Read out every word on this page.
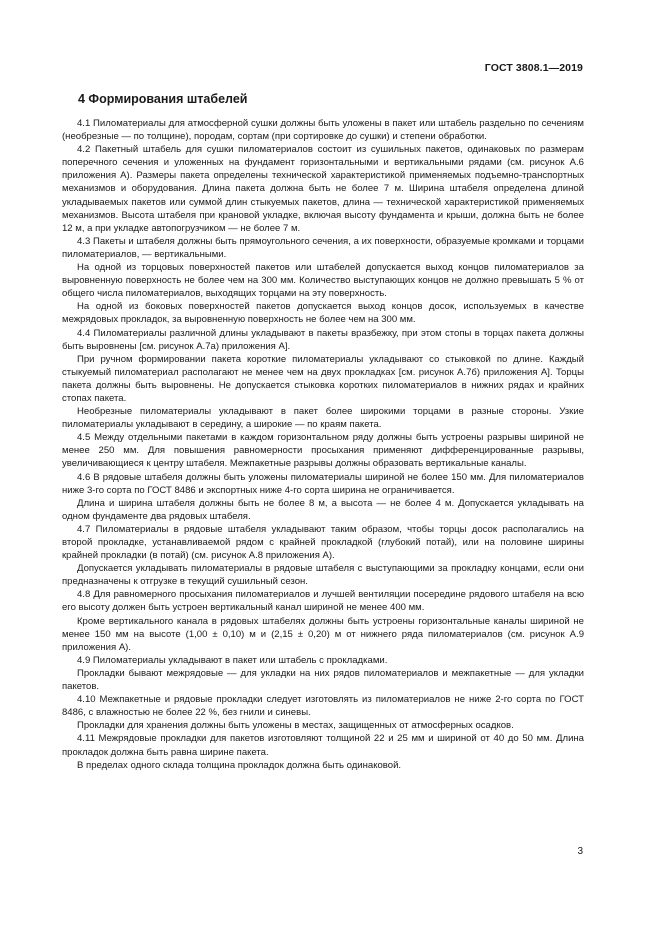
ГОСТ 3808.1—2019
4 Формирования штабелей

4.1 Пиломатериалы для атмосферной сушки должны быть уложены в пакет или штабель раздельно по сечениям (необрезные — по толщине), породам, сортам (при сортировке до сушки) и степени обработки.

4.2 Пакетный штабель для сушки пиломатериалов состоит из сушильных пакетов, одинаковых по размерам поперечного сечения и уложенных на фундамент горизонтальными и вертикальными рядами (см. рисунок А.6 приложения А). Размеры пакета определены технической характеристикой применяемых подъемно-транспортных механизмов и оборудования. Длина пакета должна быть не более 7 м. Ширина штабеля определена длиной укладываемых пакетов или суммой длин стыкуемых пакетов, длина — технической характеристикой применяемых механизмов. Высота штабеля при крановой укладке, включая высоту фундамента и крыши, должна быть не более 12 м, а при укладке автопогрузчиком — не более 7 м.

4.3 Пакеты и штабеля должны быть прямоугольного сечения, а их поверхности, образуемые кромками и торцами пиломатериалов, — вертикальными.

На одной из торцовых поверхностей пакетов или штабелей допускается выход концов пиломатериалов за выровненную поверхность не более чем на 300 мм. Количество выступающих концов не должно превышать 5 % от общего числа пиломатериалов, выходящих торцами на эту поверхность.

На одной из боковых поверхностей пакетов допускается выход концов досок, используемых в качестве межрядовых прокладок, за выровненную поверхность не более чем на 300 мм.

4.4 Пиломатериалы различной длины укладывают в пакеты вразбежку, при этом стопы в торцах пакета должны быть выровнены [см. рисунок А.7а) приложения А].

При ручном формировании пакета короткие пиломатериалы укладывают со стыковкой по длине. Каждый стыкуемый пиломатериал располагают не менее чем на двух прокладках [см. рисунок А.7б) приложения А]. Торцы пакета должны быть выровнены. Не допускается стыковка коротких пиломатериалов в нижних рядах и крайних стопах пакета.

Необрезные пиломатериалы укладывают в пакет более широкими торцами в разные стороны. Узкие пиломатериалы укладывают в середину, а широкие — по краям пакета.

4.5 Между отдельными пакетами в каждом горизонтальном ряду должны быть устроены разрывы шириной не менее 250 мм. Для повышения равномерности просыхания применяют дифференцированные разрывы, увеличивающиеся к центру штабеля. Межпакетные разрывы должны образовать вертикальные каналы.

4.6 В рядовые штабеля должны быть уложены пиломатериалы шириной не более 150 мм. Для пиломатериалов ниже 3-го сорта по ГОСТ 8486 и экспортных ниже 4-го сорта ширина не ограничивается.

Длина и ширина штабеля должны быть не более 8 м, а высота — не более 4 м. Допускается укладывать на одном фундаменте два рядовых штабеля.

4.7 Пиломатериалы в рядовые штабеля укладывают таким образом, чтобы торцы досок располагались на второй прокладке, устанавливаемой рядом с крайней прокладкой (глубокий потай), или на половине ширины крайней прокладки (в потай) (см. рисунок А.8 приложения А).

Допускается укладывать пиломатериалы в рядовые штабеля с выступающими за прокладку концами, если они предназначены к отгрузке в текущий сушильный сезон.

4.8 Для равномерного просыхания пиломатериалов и лучшей вентиляции посередине рядового штабеля на всю его высоту должен быть устроен вертикальный канал шириной не менее 400 мм.

Кроме вертикального канала в рядовых штабелях должны быть устроены горизонтальные каналы шириной не менее 150 мм на высоте (1,00 ± 0,10) м и (2,15 ± 0,20) м от нижнего ряда пиломатериалов (см. рисунок А.9 приложения А).

4.9 Пиломатериалы укладывают в пакет или штабель с прокладками.

Прокладки бывают межрядовые — для укладки на них рядов пиломатериалов и межпакетные — для укладки пакетов.

4.10 Межпакетные и рядовые прокладки следует изготовлять из пиломатериалов не ниже 2-го сорта по ГОСТ 8486, с влажностью не более 22 %, без гнили и синевы.

Прокладки для хранения должны быть уложены в местах, защищенных от атмосферных осадков.

4.11 Межрядовые прокладки для пакетов изготовляют толщиной 22 и 25 мм и шириной от 40 до 50 мм. Длина прокладок должна быть равна ширине пакета.

В пределах одного склада толщина прокладок должна быть одинаковой.

3
